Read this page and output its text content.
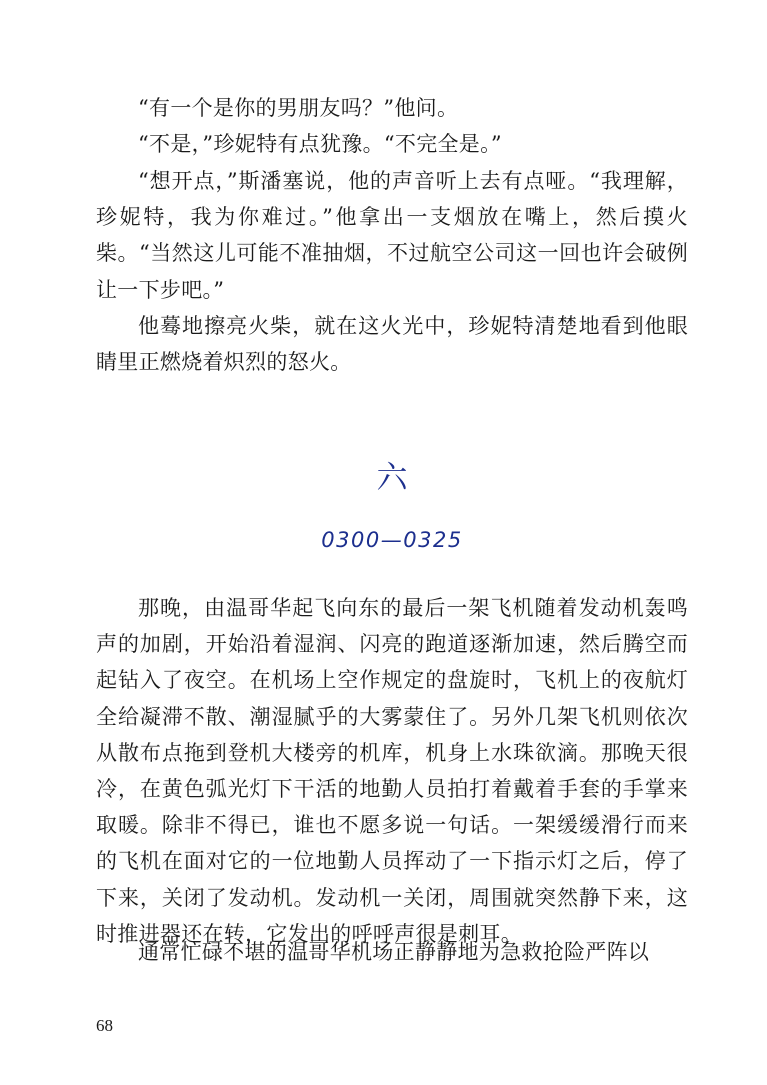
“有一个是你的男朋友吗？”他问。

“不是，”珍妮特有点犹豫。“不完全是。”

“想开点，”斯潘塞说，他的声音听上去有点哑。“我理解，珍妮特，我为你难过。”他拿出一支烟放在嘴上，然后摸火柴。“当然这儿可能不准抽烟，不过航空公司这一回也许会破例让一下步吧。”

他蓦地擦亮火柴，就在这火光中，珍妮特清楚地看到他眼睛里正燃烧着炽烈的怒火。

六
0300—0325

那晚，由温哥华起飞向东的最后一架飞机随着发动机轰鸣声的加剧，开始沿着湿润、闪亮的跑道逐渐加速，然后腾空而起钻入了夜空。在机场上空作规定的盘旋时，飞机上的夜航灯全给凝滞不散、潮湿腻乎的大雾蒙住了。另外几架飞机则依次从散布点拖到登机大楼旁的机库，机身上水珠欲滴。那晚天很冷，在黄色弧光灯下干活的地勤人员拍打着戴着手套的手掌来取暖。除非不得已，谁也不愿多说一句话。一架缓缓滑行而来的飞机在面对它的一位地勤人员挥动了一下指示灯之后，停了下来，关闭了发动机。发动机一关闭，周围就突然静下来，这时推进器还在转，它发出的呼呼声很是刺耳。

通常忙碌不堪的温哥华机场正静静地为急救抢险严阵以

68
